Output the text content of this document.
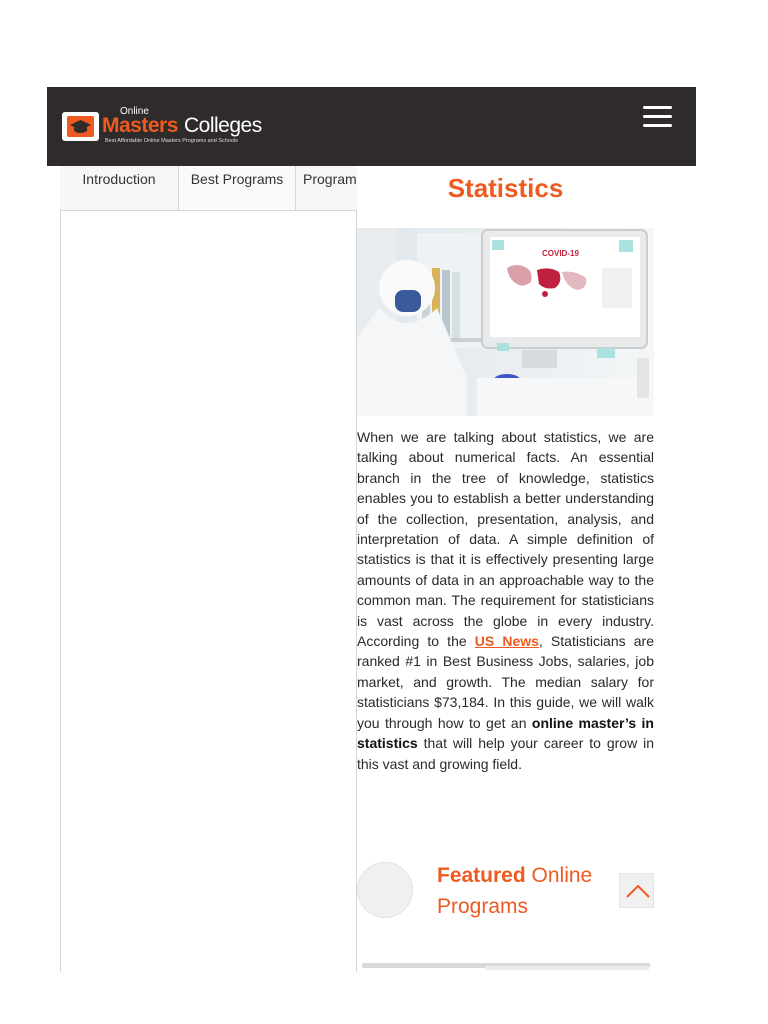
Introduction	Best Programs	Program	Statistics
COVID-19

When we are talking about statistics, we are talking about numerical facts. An essential branch in the tree of knowledge, statistics enables you to establish a better understanding of the collection, presentation, analysis, and interpretation of data. A simple definition of statistics is that it is effectively presenting large amounts of data in an approachable way to the common man. The requirement for statisticians is vast across the globe in every industry. According to the US News, Statisticians are ranked #1 in Best Business Jobs, salaries, job market, and growth. The median salary for statisticians $73,184. In this guide, we will walk you through how to get an online master’s in statistics that will help your career to grow in this vast and growing field.

Featured Online Programs
Online
Masters Colleges
Best Affordable Online Masters Programs and Schools
